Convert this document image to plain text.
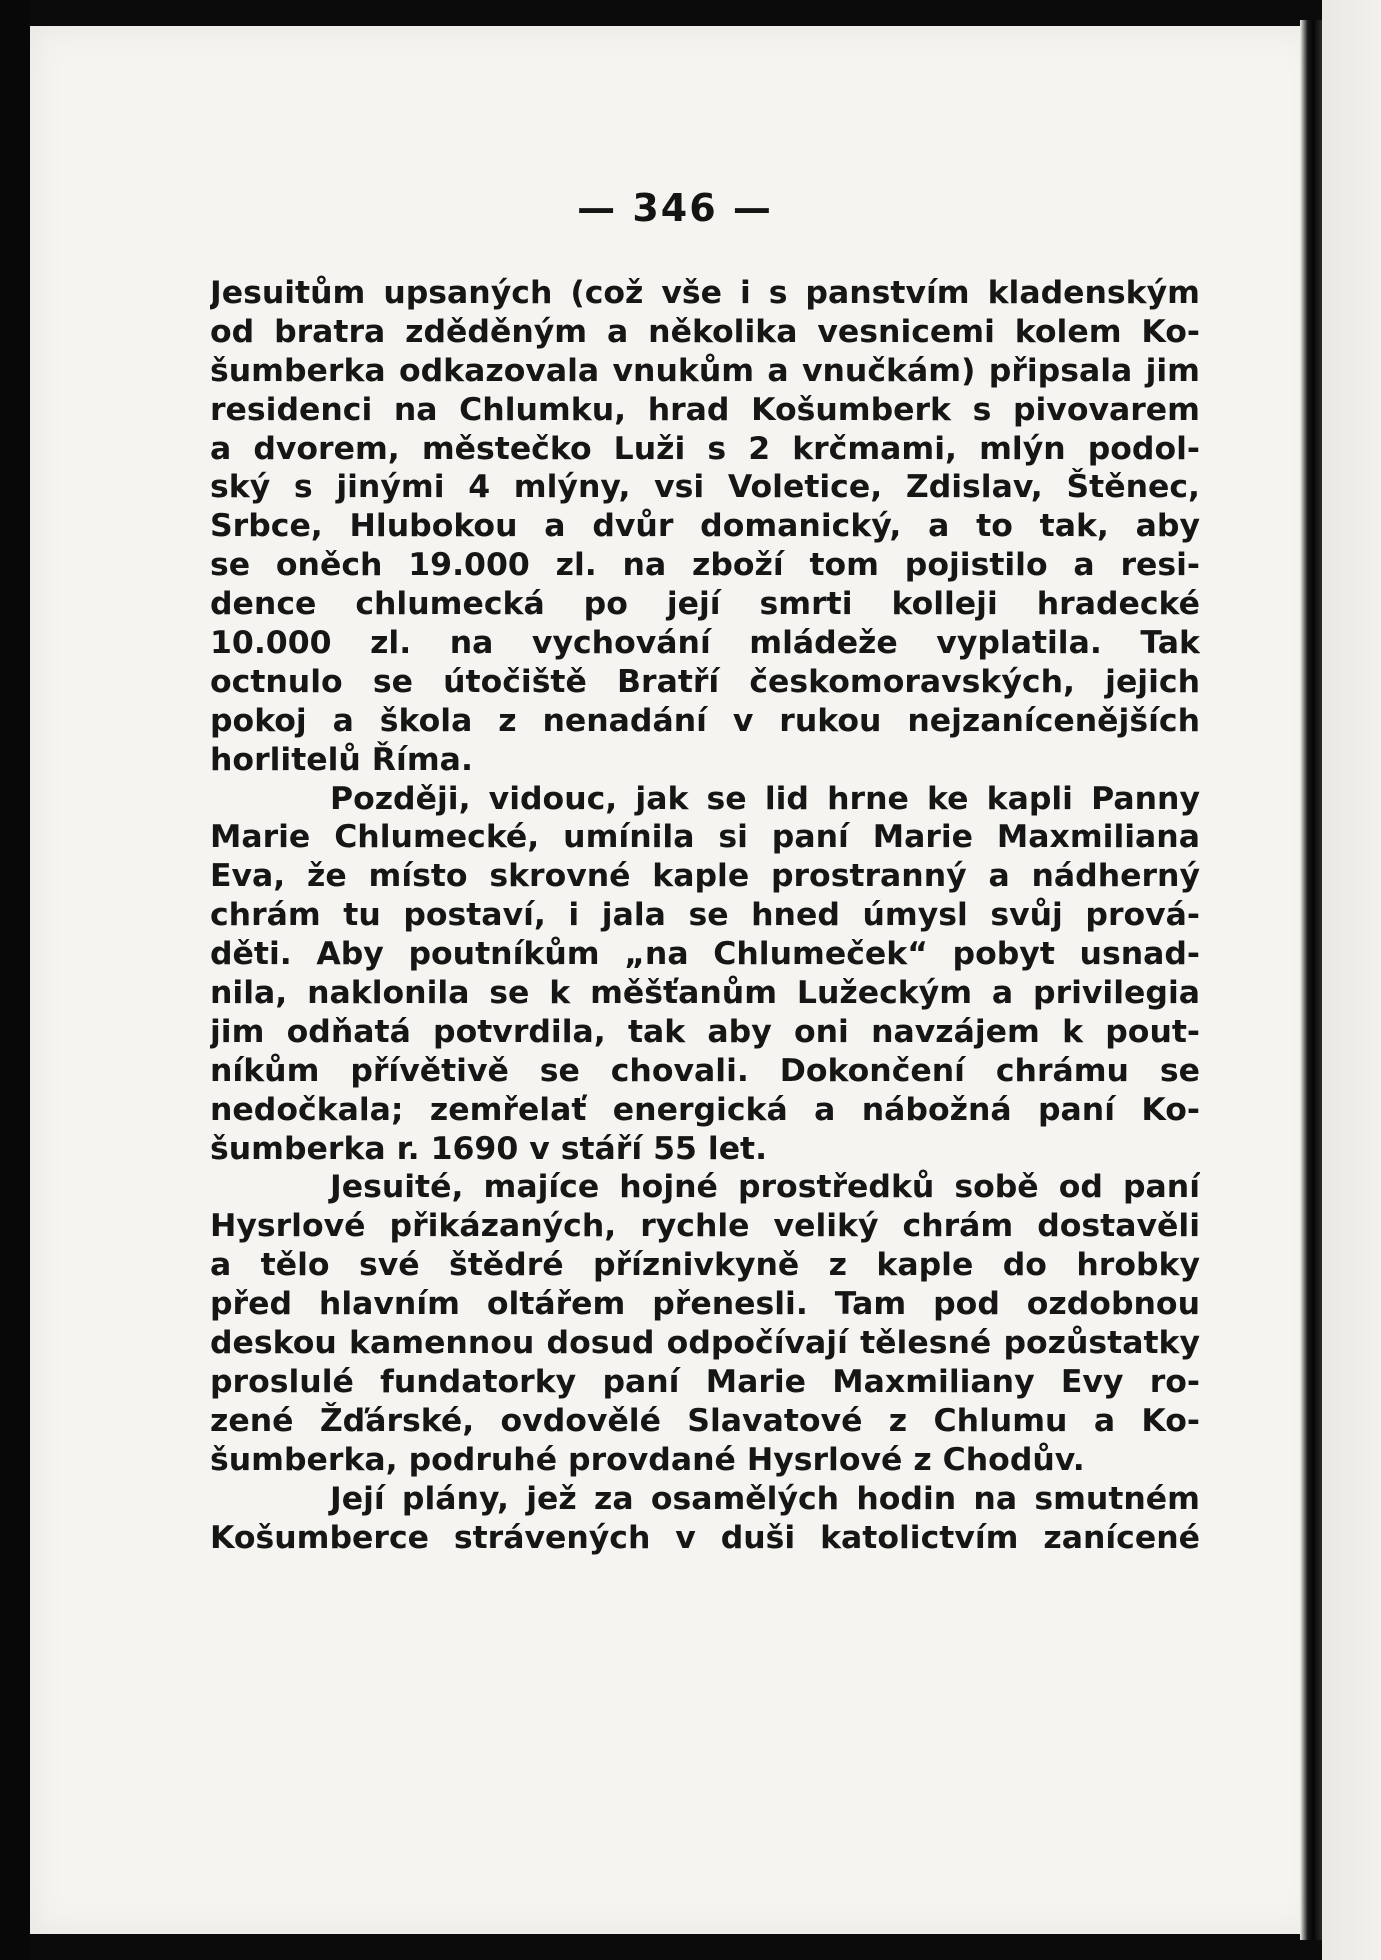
— 346 —
Jesuitům upsaných (což vše i s panstvím kladenským
od bratra zděděným a několika vesnicemi kolem Ko-
šumberka odkazovala vnukům a vnučkám) připsala jim
residenci na Chlumku, hrad Košumberk s pivovarem
a dvorem, městečko Luži s 2 krčmami, mlýn podol-
ský s jinými 4 mlýny, vsi Voletice, Zdislav, Štěnec,
Srbce, Hlubokou a dvůr domanický, a to tak, aby
se oněch 19.000 zl. na zboží tom pojistilo a resi-
dence chlumecká po její smrti kolleji hradecké
10.000 zl. na vychování mládeže vyplatila. Tak
octnulo se útočiště Bratří českomoravských, jejich
pokoj a škola z nenadání v rukou nejzanícenějších
horlitelů Říma.
Později, vidouc, jak se lid hrne ke kapli Panny
Marie Chlumecké, umínila si paní Marie Maxmiliana
Eva, že místo skrovné kaple prostranný a nádherný
chrám tu postaví, i jala se hned úmysl svůj prová-
děti. Aby poutníkům „na Chlumeček“ pobyt usnad-
nila, naklonila se k měšťanům Lužeckým a privilegia
jim odňatá potvrdila, tak aby oni navzájem k pout-
níkům přívětivě se chovali. Dokončení chrámu se
nedočkala; zemřelať energická a nábožná paní Ko-
šumberka r. 1690 v stáří 55 let.
Jesuité, majíce hojné prostředků sobě od paní
Hysrlové přikázaných, rychle veliký chrám dostavěli
a tělo své štědré příznivkyně z kaple do hrobky
před hlavním oltářem přenesli. Tam pod ozdobnou
deskou kamennou dosud odpočívají tělesné pozůstatky
proslulé fundatorky paní Marie Maxmiliany Evy ro-
zené Žďárské, ovdovělé Slavatové z Chlumu a Ko-
šumberka, podruhé provdané Hysrlové z Chodův.
Její plány, jež za osamělých hodin na smutném
Košumberce strávených v duši katolictvím zanícené
